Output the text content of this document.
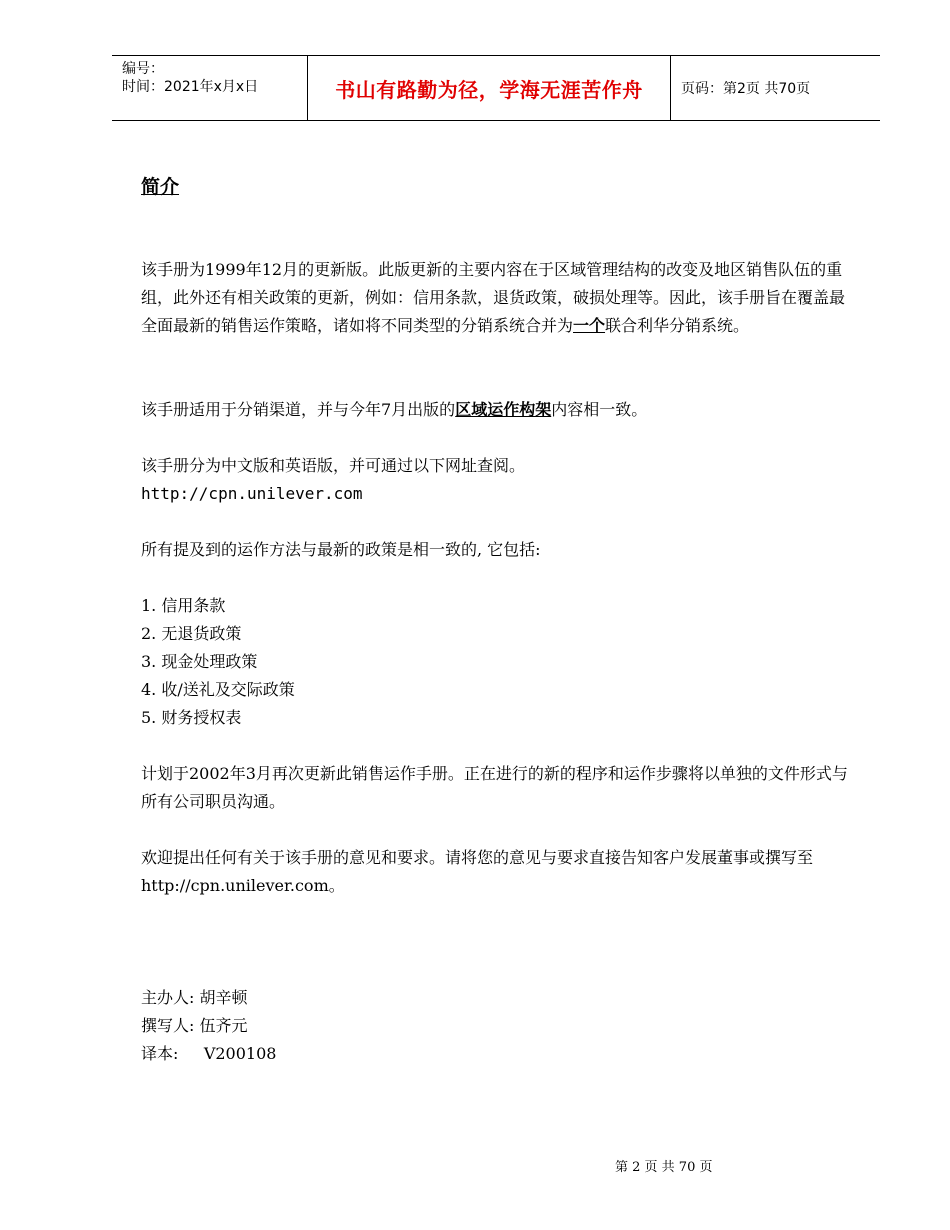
编号：
时间：2021年x月x日	书山有路勤为径，学海无涯苦作舟	页码：第2页 共70页
简介
该手册为1999年12月的更新版。此版更新的主要内容在于区域管理结构的改变及地区销售队伍的重组，此外还有相关政策的更新，例如：信用条款，退货政策，破损处理等。因此，该手册旨在覆盖最全面最新的销售运作策略，诸如将不同类型的分销系统合并为一个联合利华分销系统。
该手册适用于分销渠道，并与今年7月出版的区域运作构架内容相一致。
该手册分为中文版和英语版，并可通过以下网址查阅。
http://cpn.unilever.com
所有提及到的运作方法与最新的政策是相一致的, 它包括:
1. 信用条款
2. 无退货政策
3. 现金处理政策
4. 收/送礼及交际政策
5. 财务授权表
计划于2002年3月再次更新此销售运作手册。正在进行的新的程序和运作步骤将以单独的文件形式与所有公司职员沟通。
欢迎提出任何有关于该手册的意见和要求。请将您的意见与要求直接告知客户发展董事或撰写至 http://cpn.unilever.com。
主办人: 胡辛顿
撰写人: 伍齐元
译本:     V200108
第 2 页 共 70 页
